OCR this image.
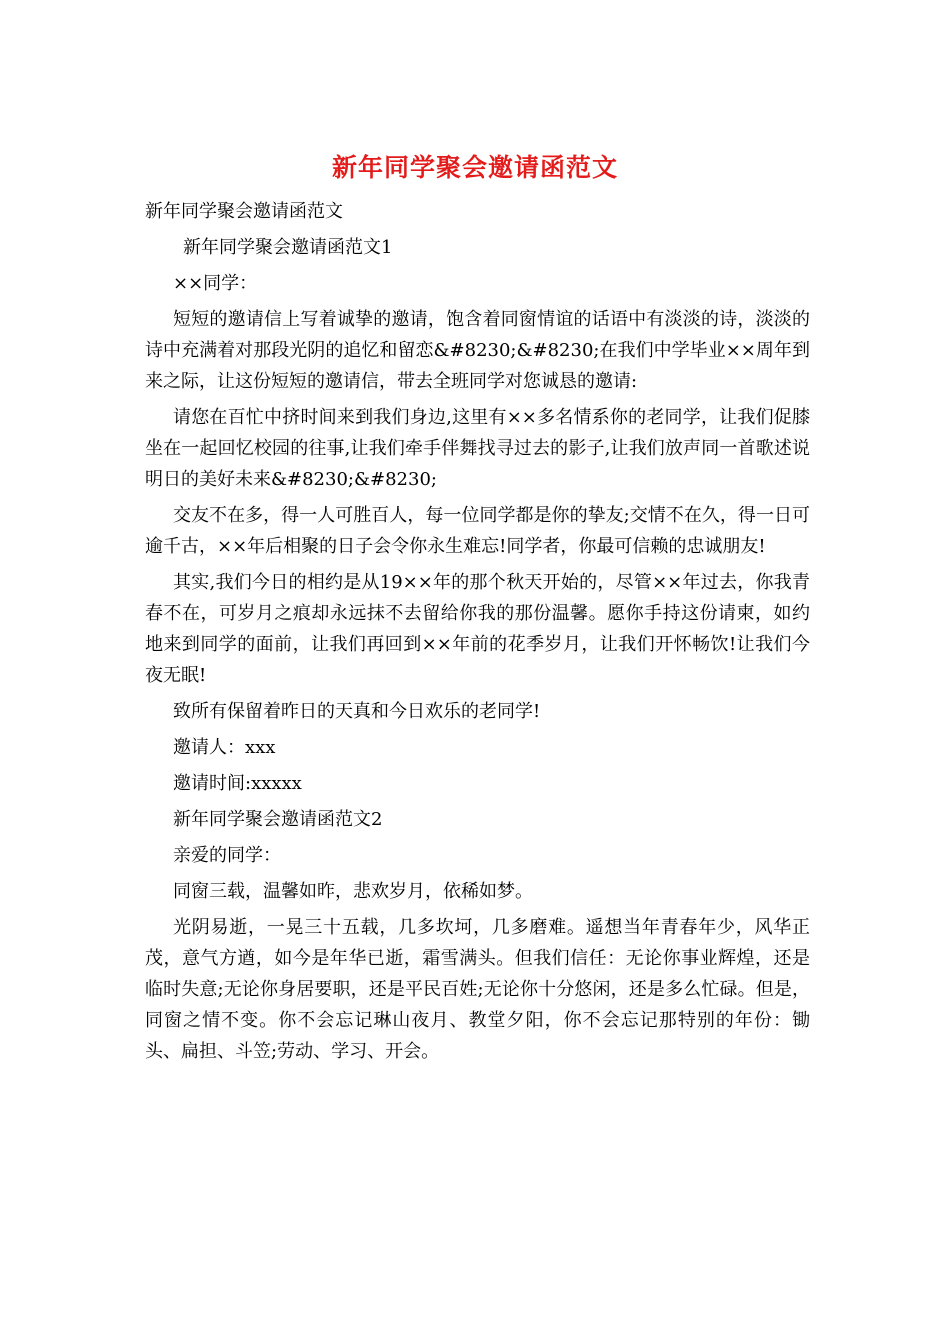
新年同学聚会邀请函范文

新年同学聚会邀请函范文

新年同学聚会邀请函范文1

××同学：

短短的邀请信上写着诚挚的邀请，饱含着同窗情谊的话语中有淡淡的诗，淡淡的诗中充满着对那段光阴的追忆和留恋&#8230;&#8230;在我们中学毕业××周年到来之际，让这份短短的邀请信，带去全班同学对您诚恳的邀请:

请您在百忙中挤时间来到我们身边,这里有××多名情系你的老同学，让我们促膝坐在一起回忆校园的往事,让我们牵手伴舞找寻过去的影子,让我们放声同一首歌述说明日的美好未来&#8230;&#8230;

交友不在多，得一人可胜百人，每一位同学都是你的挚友;交情不在久，得一日可逾千古，××年后相聚的日子会令你永生难忘!同学者，你最可信赖的忠诚朋友!

其实,我们今日的相约是从19××年的那个秋天开始的，尽管××年过去，你我青春不在，可岁月之痕却永远抹不去留给你我的那份温馨。愿你手持这份请柬，如约地来到同学的面前，让我们再回到××年前的花季岁月，让我们开怀畅饮!让我们今夜无眠!

致所有保留着昨日的天真和今日欢乐的老同学!

邀请人：xxx

邀请时间:xxxxx

新年同学聚会邀请函范文2

亲爱的同学：

同窗三载，温馨如昨，悲欢岁月，依稀如梦。

光阴易逝，一晃三十五载，几多坎坷，几多磨难。遥想当年青春年少，风华正茂，意气方遒，如今是年华已逝，霜雪满头。但我们信任：无论你事业辉煌，还是临时失意;无论你身居要职，还是平民百姓;无论你十分悠闲，还是多么忙碌。但是，同窗之情不变。你不会忘记琳山夜月、教堂夕阳，你不会忘记那特别的年份：锄头、扁担、斗笠;劳动、学习、开会。
